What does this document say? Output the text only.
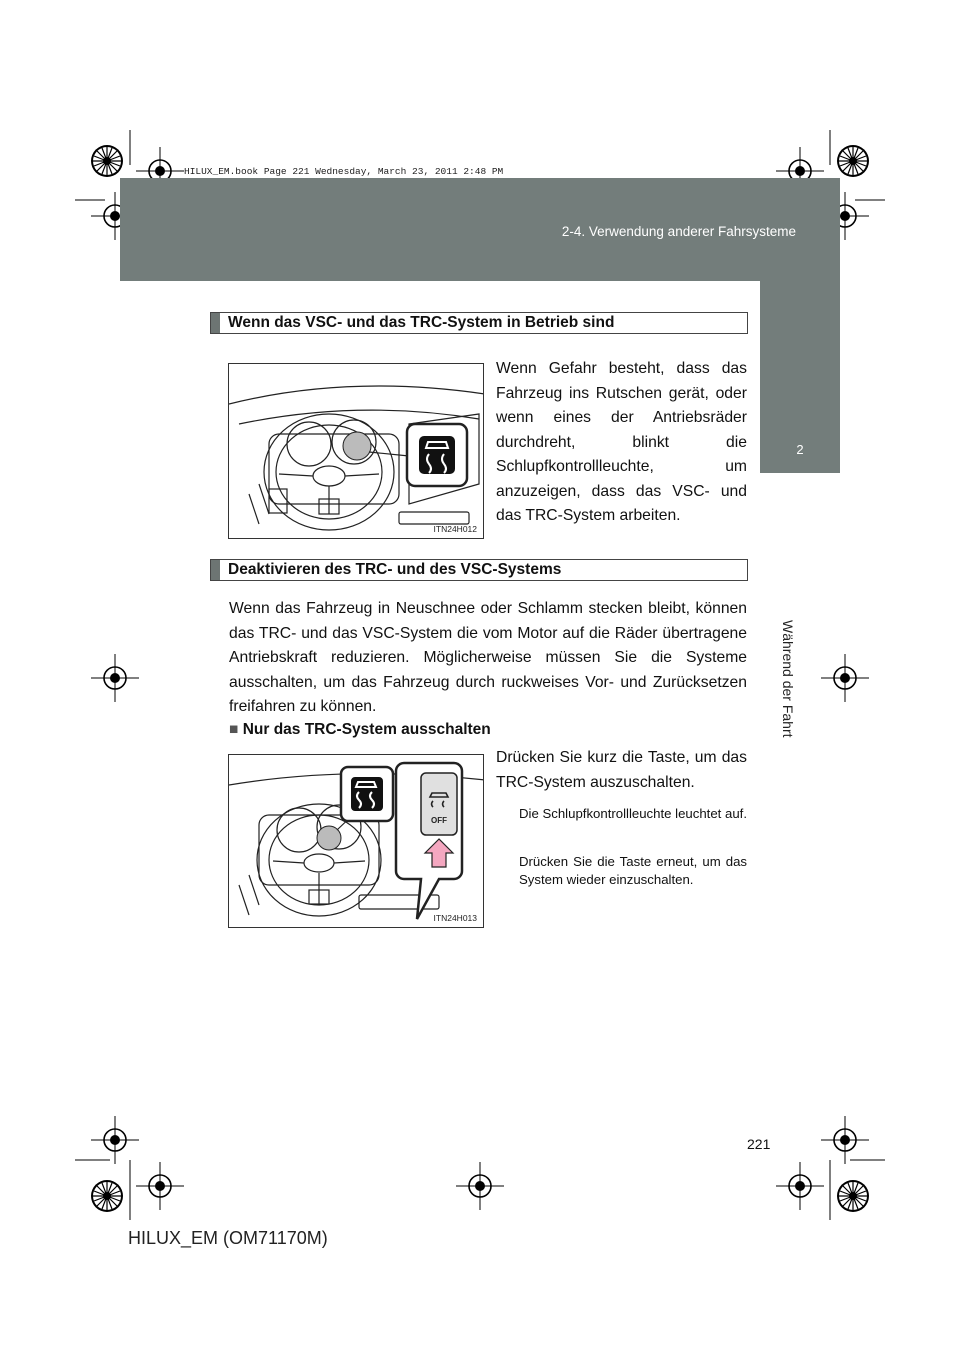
HILUX_EM.book Page 221 Wednesday, March 23, 2011 2:48 PM
2-4. Verwendung anderer Fahrsysteme
2
Während der Fahrt
Wenn das VSC- und das TRC-System in Betrieb sind
ITN24H012
Wenn Gefahr besteht, dass das Fahrzeug ins Rutschen gerät, oder wenn eines der Antriebsräder durchdreht, blinkt die Schlupfkontrollleuchte, um anzuzeigen, dass das VSC- und das TRC-System arbeiten.
Deaktivieren des TRC- und des VSC-Systems
Wenn das Fahrzeug in Neuschnee oder Schlamm stecken bleibt, können das TRC- und das VSC-System die vom Motor auf die Räder übertragene Antriebskraft reduzieren. Möglicherweise müssen Sie die Systeme ausschalten, um das Fahrzeug durch ruckweises Vor- und Zurücksetzen freifahren zu können.
■ Nur das TRC-System ausschalten
OFF
ITN24H013
Drücken Sie kurz die Taste, um das TRC-System auszuschalten.
Die Schlupfkontrollleuchte leuchtet auf.
Drücken Sie die Taste erneut, um das System wieder einzuschalten.
221
HILUX_EM (OM71170M)
